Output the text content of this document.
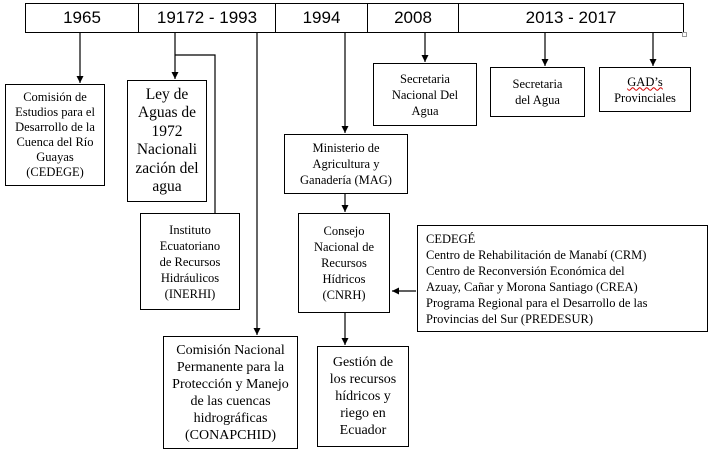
1965	19172 - 1993	1994	2008	2013 - 2017
Comisión de
Estudios para el
Desarrollo de la
Cuenca del Río
Guayas
(CEDEGE)
Ley de
Aguas de
1972
Nacionali
zación del
agua
Instituto
Ecuatoriano
de Recursos
Hidráulicos
(INERHI)
Comisión Nacional
Permanente para la
Protección y Manejo
de las cuencas
hidrográficas
(CONAPCHID)
Ministerio de
Agricultura y
Ganadería (MAG)
Consejo
Nacional de
Recursos
Hídricos
(CNRH)
Gestión de
los recursos
hídricos y
riego en
Ecuador
CEDEGÉ
Centro de Rehabilitación de Manabí (CRM)
Centro de Reconversión Económica del
Azuay, Cañar y Morona Santiago (CREA)
Programa Regional para el Desarrollo de las
Provincias del Sur (PREDESUR)
Secretaria
Nacional Del
Agua
Secretaria
del Agua
GAD’s
Provinciales
